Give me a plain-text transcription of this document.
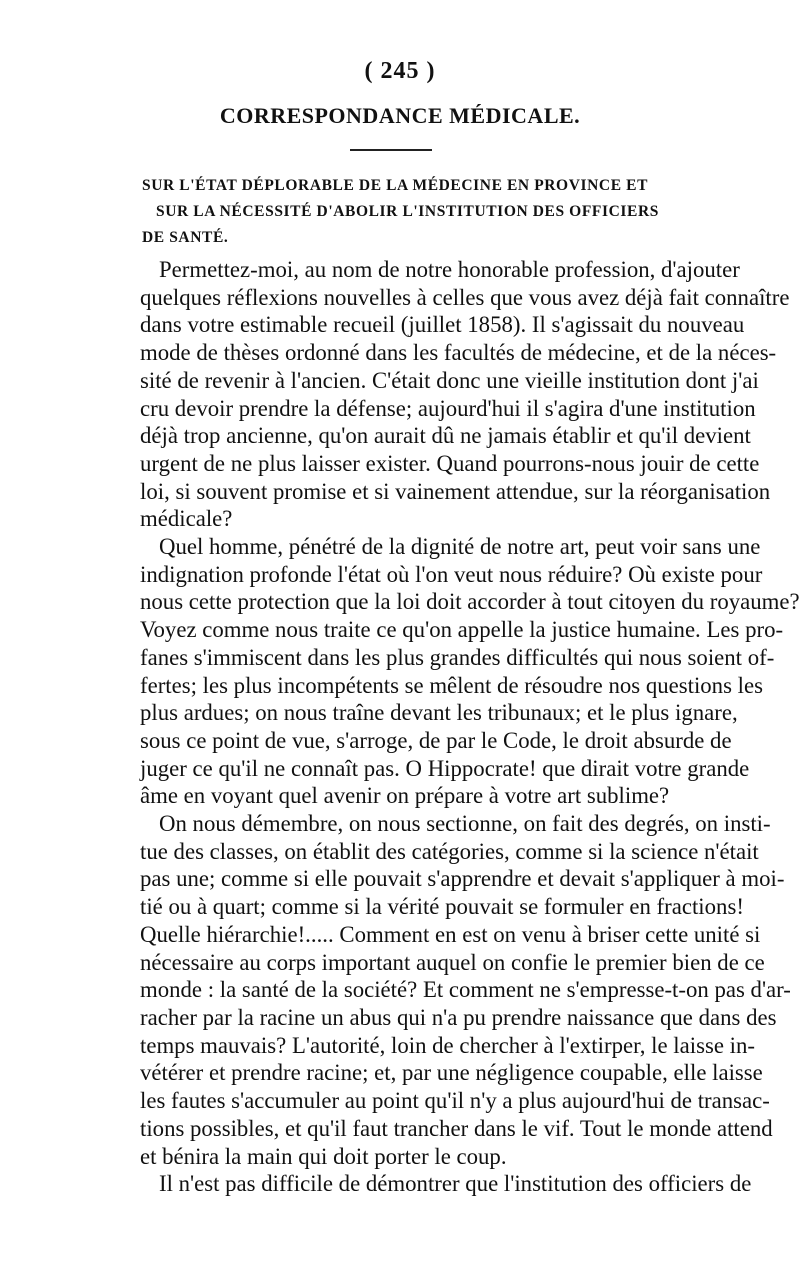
( 245 )
CORRESPONDANCE MÉDICALE.
SUR L'ÉTAT DÉPLORABLE DE LA MÉDECINE EN PROVINCE ET
SUR LA NÉCESSITÉ D'ABOLIR L'INSTITUTION DES OFFICIERS
DE SANTÉ.
Permettez-moi, au nom de notre honorable profession, d'ajouter
quelques réflexions nouvelles à celles que vous avez déjà fait connaître
dans votre estimable recueil (juillet 1858). Il s'agissait du nouveau
mode de thèses ordonné dans les facultés de médecine, et de la néces-
sité de revenir à l'ancien. C'était donc une vieille institution dont j'ai
cru devoir prendre la défense; aujourd'hui il s'agira d'une institution
déjà trop ancienne, qu'on aurait dû ne jamais établir et qu'il devient
urgent de ne plus laisser exister. Quand pourrons-nous jouir de cette
loi, si souvent promise et si vainement attendue, sur la réorganisation
médicale?
Quel homme, pénétré de la dignité de notre art, peut voir sans une
indignation profonde l'état où l'on veut nous réduire? Où existe pour
nous cette protection que la loi doit accorder à tout citoyen du royaume?
Voyez comme nous traite ce qu'on appelle la justice humaine. Les pro-
fanes s'immiscent dans les plus grandes difficultés qui nous soient of-
fertes; les plus incompétents se mêlent de résoudre nos questions les
plus ardues; on nous traîne devant les tribunaux; et le plus ignare,
sous ce point de vue, s'arroge, de par le Code, le droit absurde de
juger ce qu'il ne connaît pas. O Hippocrate! que dirait votre grande
âme en voyant quel avenir on prépare à votre art sublime?
On nous démembre, on nous sectionne, on fait des degrés, on insti-
tue des classes, on établit des catégories, comme si la science n'était
pas une; comme si elle pouvait s'apprendre et devait s'appliquer à moi-
tié ou à quart; comme si la vérité pouvait se formuler en fractions!
Quelle hiérarchie!..... Comment en est on venu à briser cette unité si
nécessaire au corps important auquel on confie le premier bien de ce
monde : la santé de la société? Et comment ne s'empresse-t-on pas d'ar-
racher par la racine un abus qui n'a pu prendre naissance que dans des
temps mauvais? L'autorité, loin de chercher à l'extirper, le laisse in-
vétérer et prendre racine; et, par une négligence coupable, elle laisse
les fautes s'accumuler au point qu'il n'y a plus aujourd'hui de transac-
tions possibles, et qu'il faut trancher dans le vif. Tout le monde attend
et bénira la main qui doit porter le coup.
Il n'est pas difficile de démontrer que l'institution des officiers de
